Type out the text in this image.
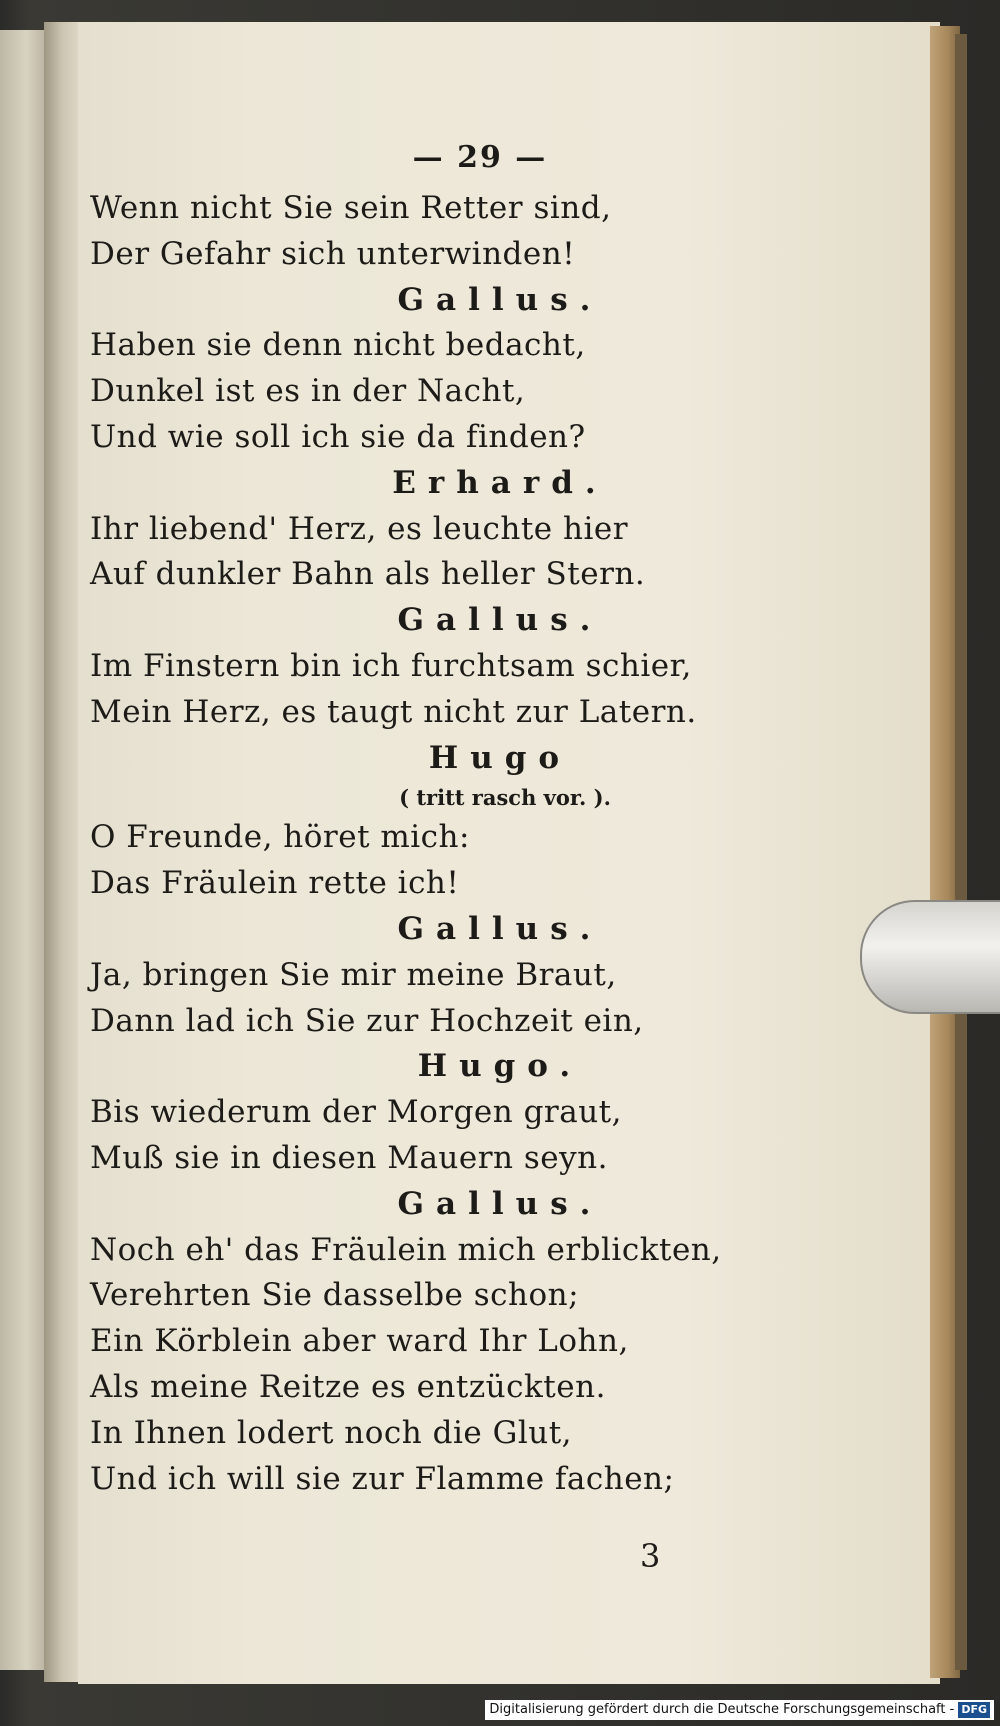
— 29 —
Wenn nicht Sie sein Retter sind,
Der Gefahr sich unterwinden!
Gallus.
Haben sie denn nicht bedacht,
Dunkel ist es in der Nacht,
Und wie soll ich sie da finden?
Erhard.
Ihr liebend' Herz, es leuchte hier
Auf dunkler Bahn als heller Stern.
Gallus.
Im Finstern bin ich furchtsam schier,
Mein Herz, es taugt nicht zur Latern.
Hugo
( tritt rasch vor. ).
O Freunde, höret mich:
Das Fräulein rette ich!
Gallus.
Ja, bringen Sie mir meine Braut,
Dann lad ich Sie zur Hochzeit ein,
Hugo.
Bis wiederum der Morgen graut,
Muß sie in diesen Mauern seyn.
Gallus.
Noch eh' das Fräulein mich erblickten,
Verehrten Sie dasselbe schon;
Ein Körblein aber ward Ihr Lohn,
Als meine Reitze es entzückten.
In Ihnen lodert noch die Glut,
Und ich will sie zur Flamme fachen;
3
Digitalisierung gefördert durch die Deutsche Forschungsgemeinschaft - DFG
